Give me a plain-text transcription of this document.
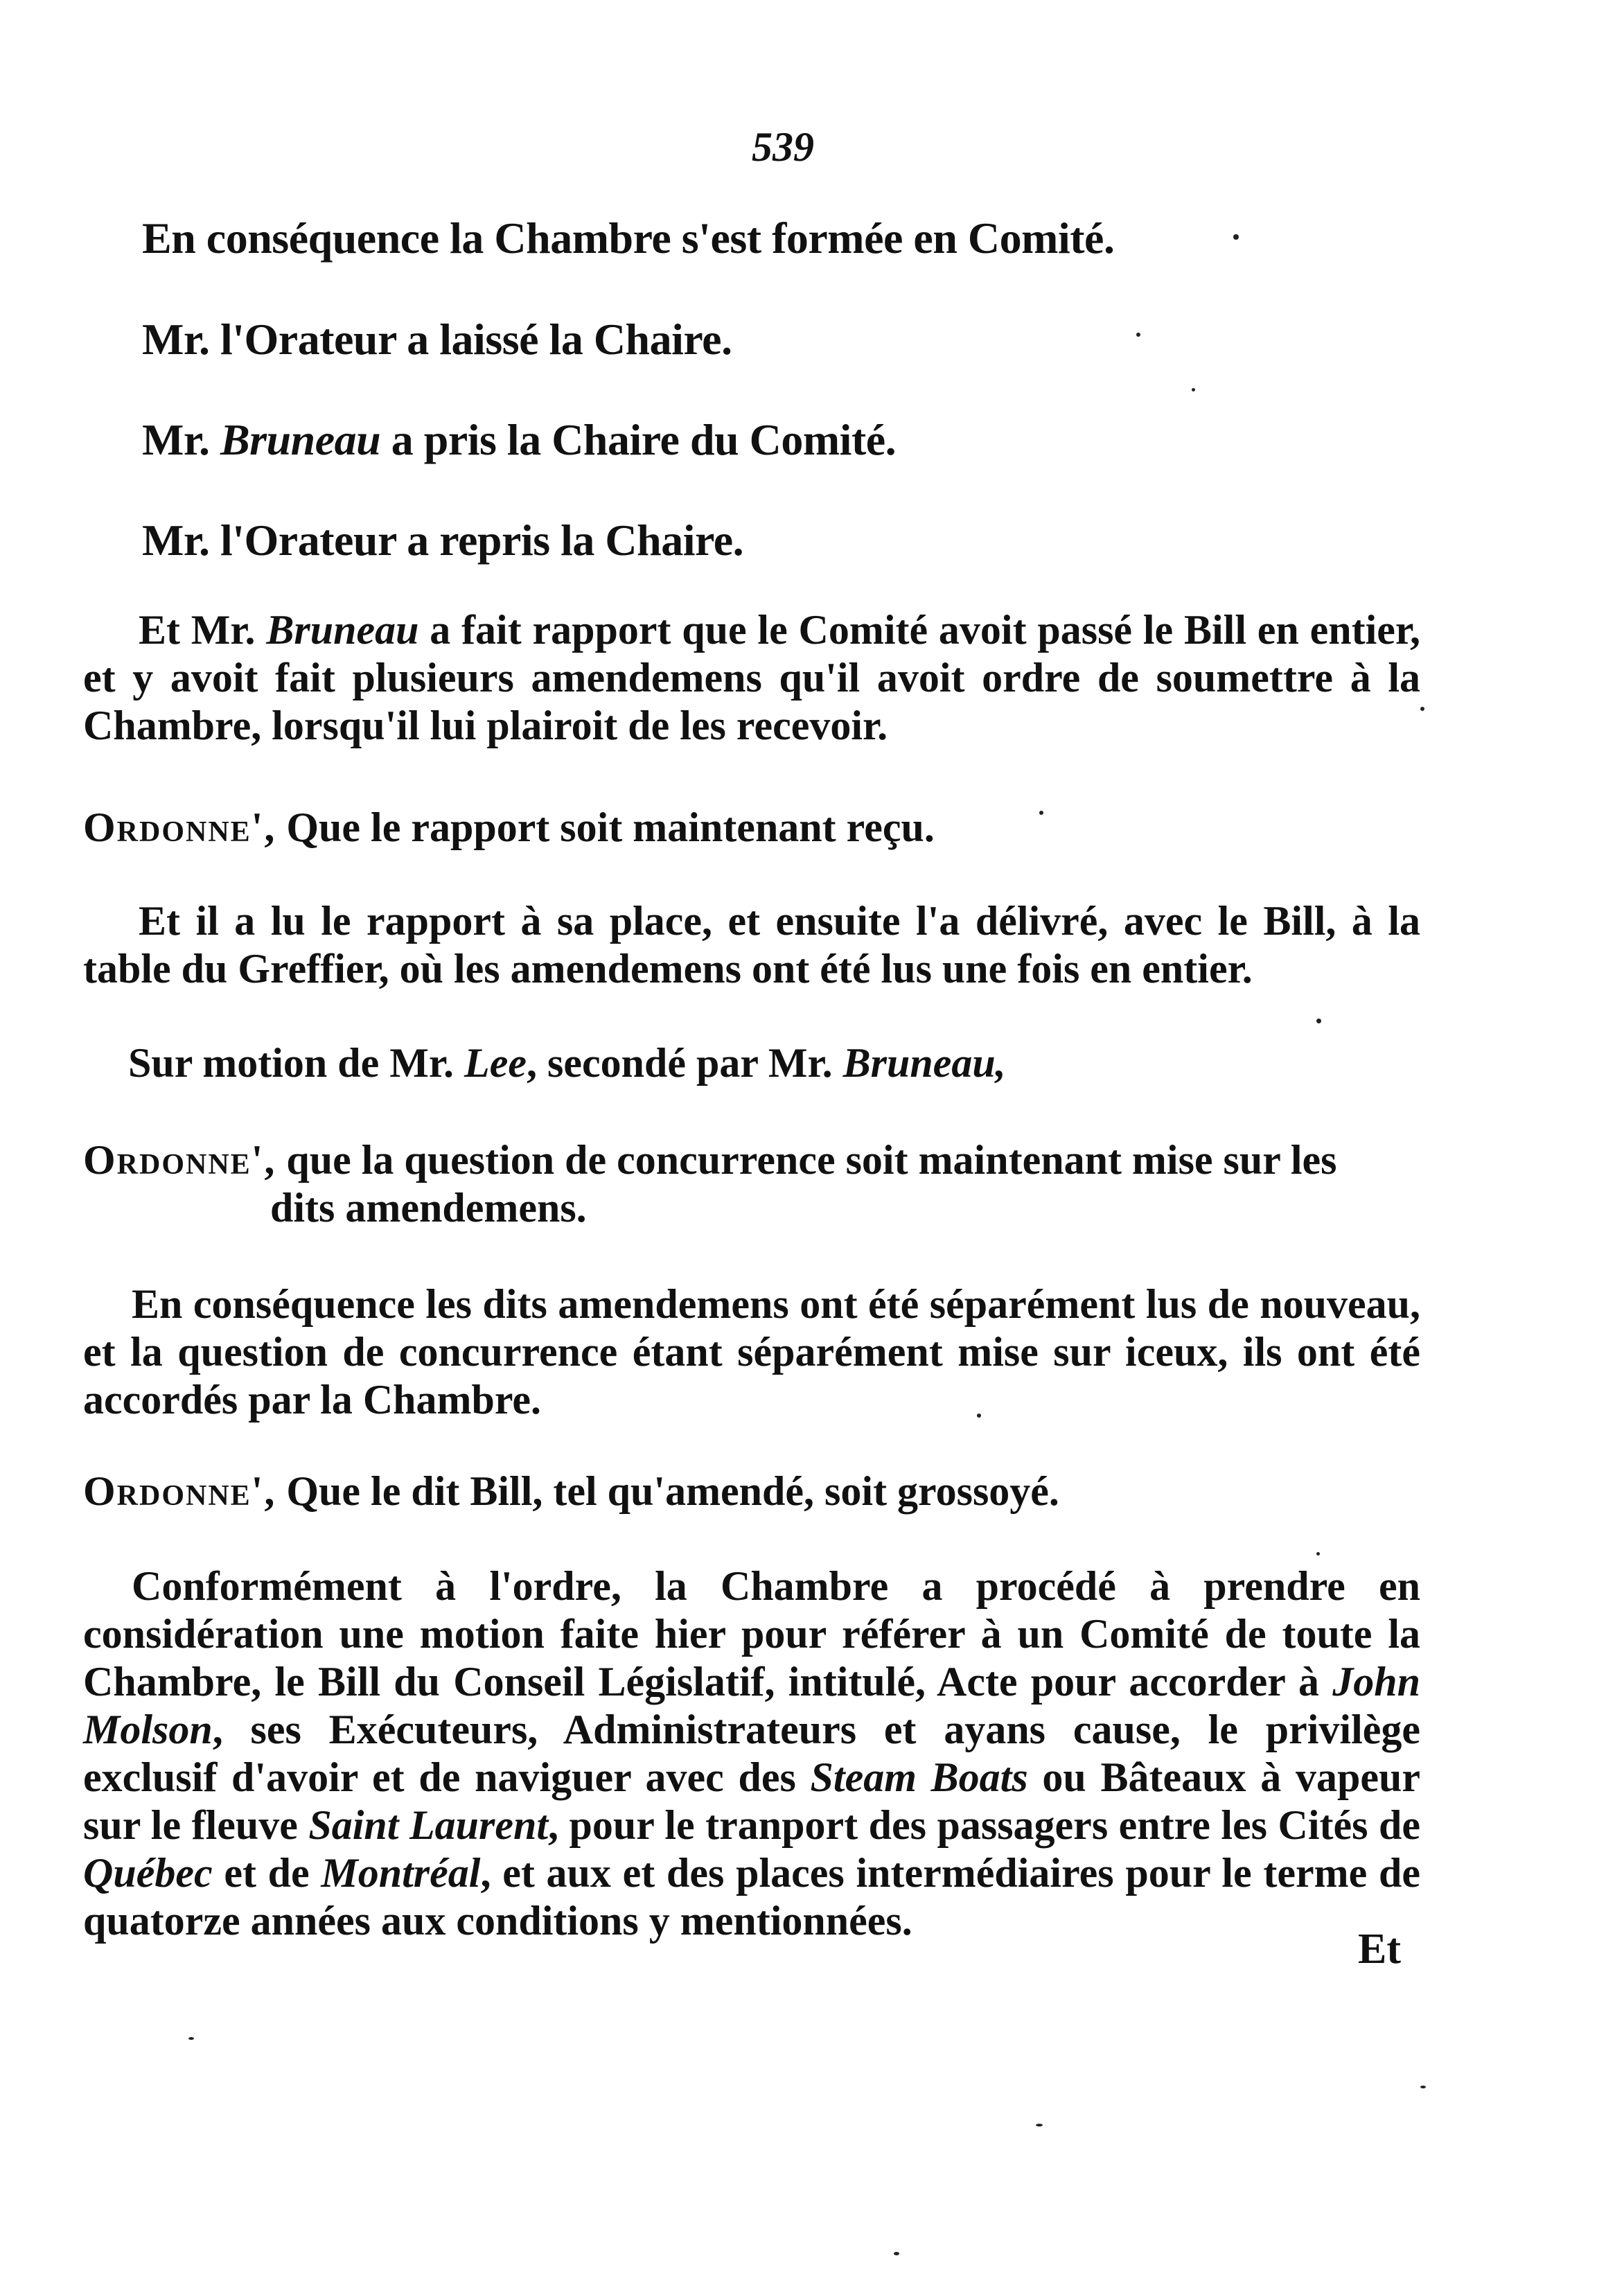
539
En conséquence la Chambre s'est formée en Comité.
Mr. l'Orateur a laissé la Chaire.
Mr. Bruneau a pris la Chaire du Comité.
Mr. l'Orateur a repris la Chaire.
Et Mr. Bruneau a fait rapport que le Comité avoit passé le Bill en entier, et y avoit fait plusieurs amendemens qu'il avoit ordre de soumettre à la Chambre, lorsqu'il lui plairoit de les recevoir.
Ordonne', Que le rapport soit maintenant reçu.
Et il a lu le rapport à sa place, et ensuite l'a délivré, avec le Bill, à la table du Greffier, où les amendemens ont été lus une fois en entier.
Sur motion de Mr. Lee, secondé par Mr. Bruneau,
Ordonne', que la question de concurrence soit maintenant mise sur les
dits amendemens.
En conséquence les dits amendemens ont été séparément lus de nouveau, et la question de concurrence étant séparément mise sur iceux, ils ont été accordés par la Chambre.
Ordonne', Que le dit Bill, tel qu'amendé, soit grossoyé.
Conformément à l'ordre, la Chambre a procédé à prendre en considération une motion faite hier pour référer à un Comité de toute la Chambre, le Bill du Conseil Législatif, intitulé, Acte pour accorder à John Molson, ses Exécuteurs, Administrateurs et ayans cause, le privilège exclusif d'avoir et de naviguer avec des Steam Boats ou Bâteaux à vapeur sur le fleuve Saint Laurent, pour le tranport des passagers entre les Cités de Québec et de Montréal, et aux et des places intermédiaires pour le terme de quatorze années aux conditions y mentionnées.
Et
